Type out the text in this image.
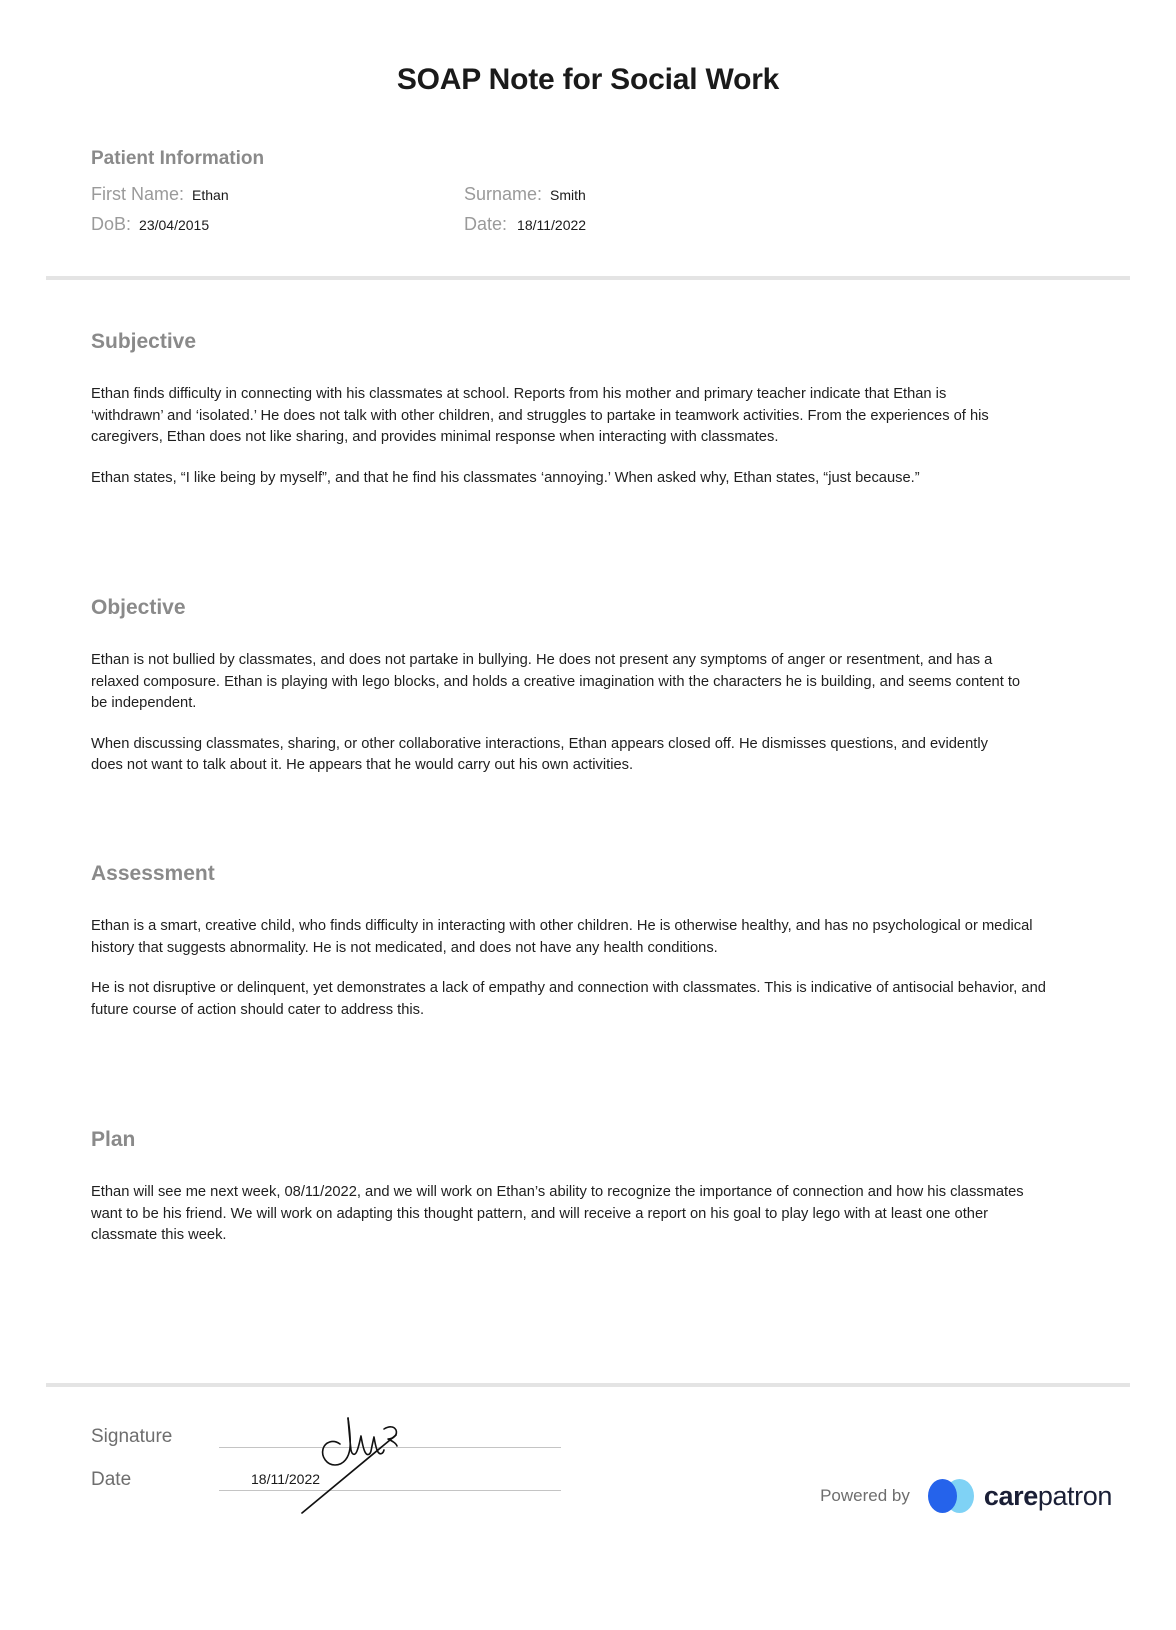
SOAP Note for Social Work
Patient Information
First Name: Ethan	Surname: Smith
DoB: 23/04/2015	Date: 18/11/2022
Subjective

Ethan finds difficulty in connecting with his classmates at school. Reports from his mother and primary teacher indicate that Ethan is ‘withdrawn’ and ‘isolated.’ He does not talk with other children, and struggles to partake in teamwork activities. From the experiences of his caregivers, Ethan does not like sharing, and provides minimal response when interacting with classmates.

Ethan states, “I like being by myself”, and that he find his classmates ‘annoying.’ When asked why, Ethan states, “just because.”

Objective

Ethan is not bullied by classmates, and does not partake in bullying. He does not present any symptoms of anger or resentment, and has a relaxed composure. Ethan is playing with lego blocks, and holds a creative imagination with the characters he is building, and seems content to be independent.

When discussing classmates, sharing, or other collaborative interactions, Ethan appears closed off. He dismisses questions, and evidently does not want to talk about it. He appears that he would carry out his own activities.

Assessment

Ethan is a smart, creative child, who finds difficulty in interacting with other children. He is otherwise healthy, and has no psychological or medical history that suggests abnormality. He is not medicated, and does not have any health conditions.

He is not disruptive or delinquent, yet demonstrates a lack of empathy and connection with classmates. This is indicative of antisocial behavior, and future course of action should cater to address this.

Plan

Ethan will see me next week, 08/11/2022, and we will work on Ethan’s ability to recognize the importance of connection and how his classmates want to be his friend. We will work on adapting this thought pattern, and will receive a report on his goal to play lego with at least one other classmate this week.

Signature
Date	18/11/2022
Powered by	carepatron
